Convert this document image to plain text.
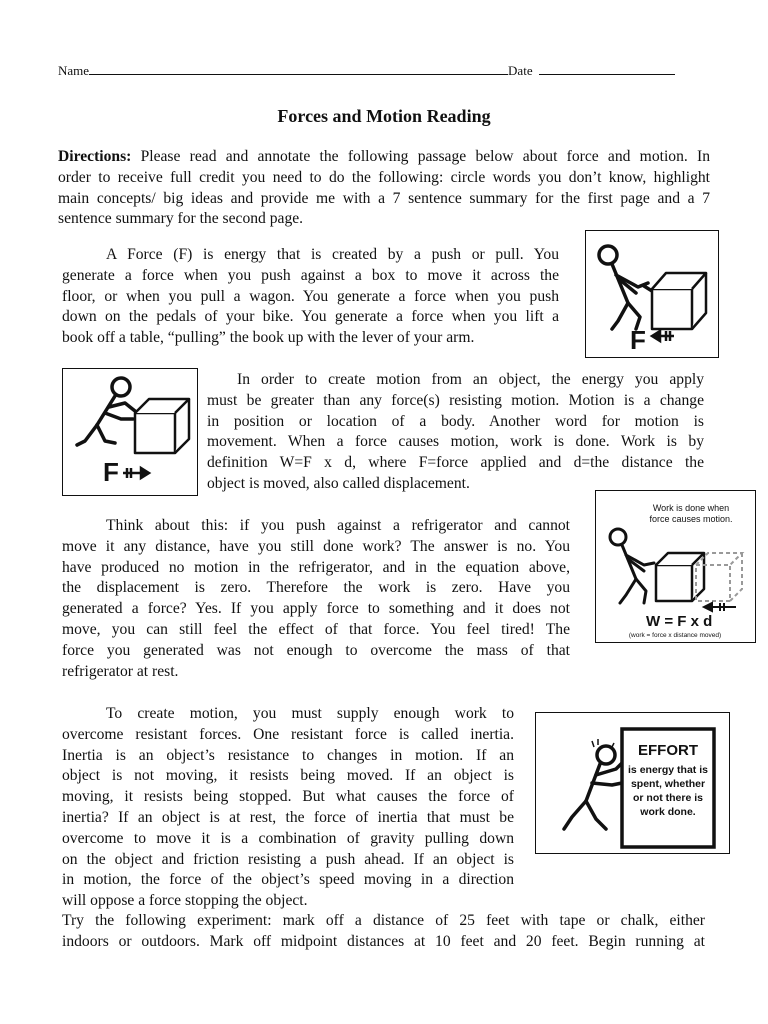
Name	Date
Forces and Motion Reading
Directions: Please read and annotate the following passage below about force and motion. In
order to receive full credit you need to do the following: circle words you don’t know, highlight
main concepts/ big ideas and provide me with a 7 sentence summary for the first page and a 7
sentence summary for the second page.
A Force (F) is energy that is created by a push or pull. You
generate a force when you push against a box to move it across the
floor, or when you pull a wagon. You generate a force when you push
down on the pedals of your bike. You generate a force when you lift a
book off a table, “pulling” the book up with the lever of your arm.	F
F
In order to create motion from an object, the energy you apply
must be greater than any force(s) resisting motion. Motion is a change
in position or location of a body. Another word for motion is
movement. When a force causes motion, work is done. Work is by
definition W=F x d, where F=force applied and d=the distance the
object is moved, also called displacement.
Think about this: if you push against a refrigerator and cannot
move it any distance, have you still done work? The answer is no. You
have produced no motion in the refrigerator, and in the equation above,
the displacement is zero. Therefore the work is zero. Have you
generated a force? Yes. If you apply force to something and it does not
move, you can still feel the effect of that force. You feel tired! The
force you generated was not enough to overcome the mass of that
refrigerator at rest.
Work is done when
force causes motion.
W = F x d
(work = force x distance moved)
To create motion, you must supply enough work to
overcome resistant forces. One resistant force is called inertia.
Inertia is an object’s resistance to changes in motion. If an
object is not moving, it resists being moved. If an object is
moving, it resists being stopped. But what causes the force of
inertia? If an object is at rest, the force of inertia that must be
overcome to move it is a combination of gravity pulling down
on the object and friction resisting a push ahead. If an object is
in motion, the force of the object’s speed moving in a direction
will oppose a force stopping the object.
EFFORT
is energy that is
spent, whether
or not there is
work done.
Try the following experiment: mark off a distance of 25 feet with tape or chalk, either
indoors or outdoors. Mark off midpoint distances at 10 feet and 20 feet. Begin running at
